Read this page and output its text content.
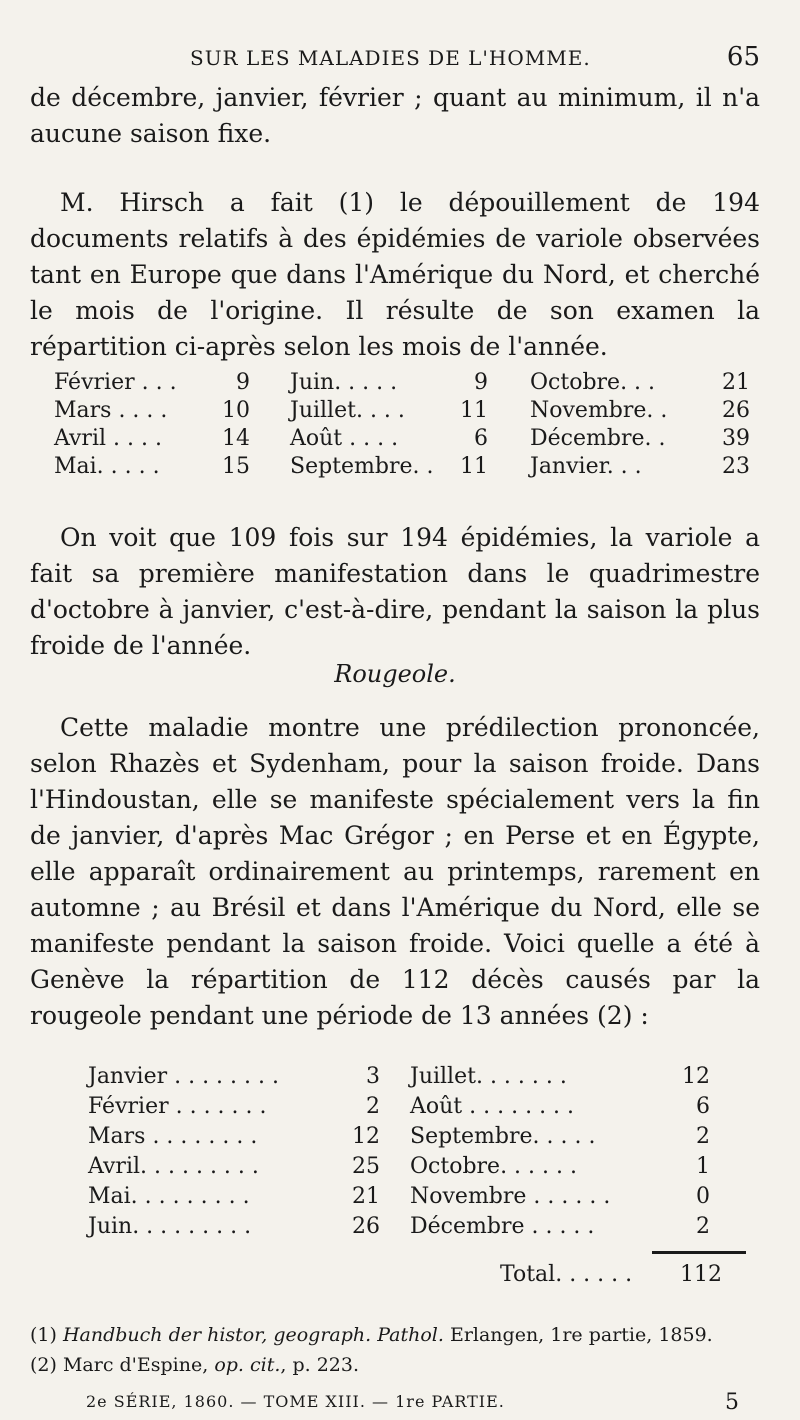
SUR LES MALADIES DE L'HOMME.	65

de décembre, janvier, février ; quant au minimum, il n'a aucune saison fixe.

M. Hirsch a fait (1) le dépouillement de 194 documents relatifs à des épidémies de variole observées tant en Europe que dans l'Amérique du Nord, et cherché le mois de l'origine. Il résulte de son examen la répartition ci-après selon les mois de l'année.

Février . . .	9 Juin. . . . .	9 Octobre. . .	21
Mars . . . .	10 Juillet. . . .	11 Novembre. .	26
Avril . . . .	14 Août . . . .	6 Décembre. .	39
Mai. . . . .	15 Septembre. .	11 Janvier. . .	23

On voit que 109 fois sur 194 épidémies, la variole a fait sa première manifestation dans le quadrimestre d'octobre à janvier, c'est-à-dire, pendant la saison la plus froide de l'année.

Rougeole.

Cette maladie montre une prédilection prononcée, selon Rhazès et Sydenham, pour la saison froide. Dans l'Hindoustan, elle se manifeste spécialement vers la fin de janvier, d'après Mac Grégor ; en Perse et en Égypte, elle apparaît ordinairement au printemps, rarement en automne ; au Brésil et dans l'Amérique du Nord, elle se manifeste pendant la saison froide. Voici quelle a été à Genève la répartition de 112 décès causés par la rougeole pendant une période de 13 années (2) :

Janvier . . . . . . . .	3 Juillet. . . . . . .	12
Février . . . . . . .	2 Août . . . . . . . .	6
Mars . . . . . . . .	12 Septembre. . . . .	2
Avril. . . . . . . . .	25 Octobre. . . . . .	1
Mai. . . . . . . . .	21 Novembre . . . . . .	0
Juin. . . . . . . . .	26 Décembre . . . . .	2
Total. . . . . .	112
(1) Handbuch der histor, geograph. Pathol. Erlangen, 1re partie, 1859.
(2) Marc d'Espine, op. cit., p. 223.
2e SÉRIE, 1860. — TOME XIII. — 1re PARTIE.	5
